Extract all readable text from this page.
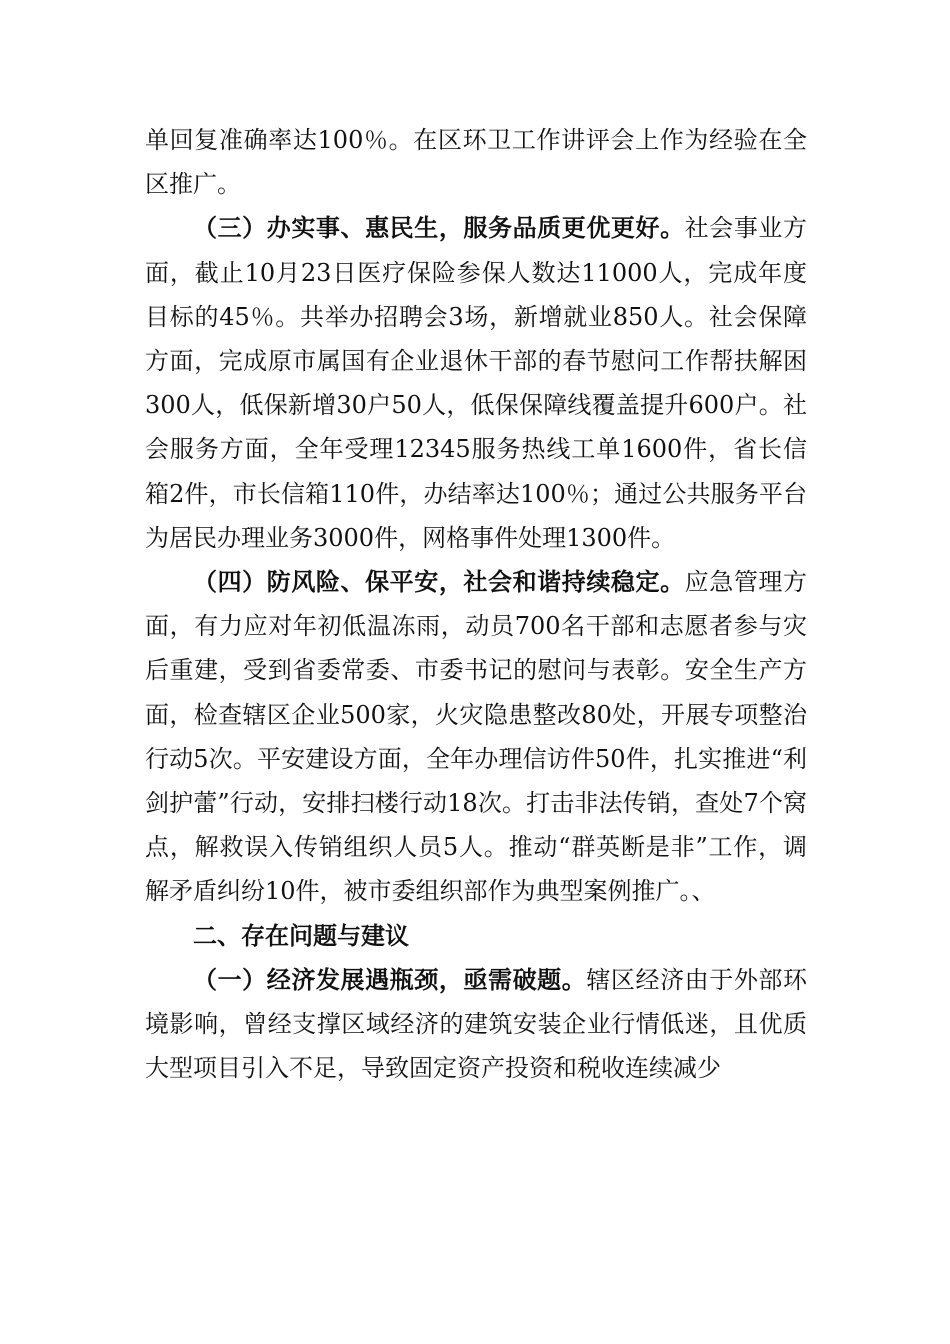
单回复准确率达100％。在区环卫工作讲评会上作为经验在全区推广。

（三）办实事、惠民生，服务品质更优更好。社会事业方面，截止10月23日医疗保险参保人数达11000人，完成年度目标的45％。共举办招聘会3场，新增就业850人。社会保障方面，完成原市属国有企业退休干部的春节慰问工作帮扶解困300人，低保新增30户50人，低保保障线覆盖提升600户。社会服务方面，全年受理12345服务热线工单1600件，省长信箱2件，市长信箱110件，办结率达100％；通过公共服务平台为居民办理业务3000件，网格事件处理1300件。

（四）防风险、保平安，社会和谐持续稳定。应急管理方面，有力应对年初低温冻雨，动员700名干部和志愿者参与灾后重建，受到省委常委、市委书记的慰问与表彰。安全生产方面，检查辖区企业500家，火灾隐患整改80处，开展专项整治行动5次。平安建设方面，全年办理信访件50件，扎实推进“利剑护蕾”行动，安排扫楼行动18次。打击非法传销，查处7个窝点，解救误入传销组织人员5人。推动“群英断是非”工作，调解矛盾纠纷10件，被市委组织部作为典型案例推广。、

二、存在问题与建议

（一）经济发展遇瓶颈，亟需破题。辖区经济由于外部环境影响，曾经支撑区域经济的建筑安装企业行情低迷，且优质大型项目引入不足，导致固定资产投资和税收连续减少
